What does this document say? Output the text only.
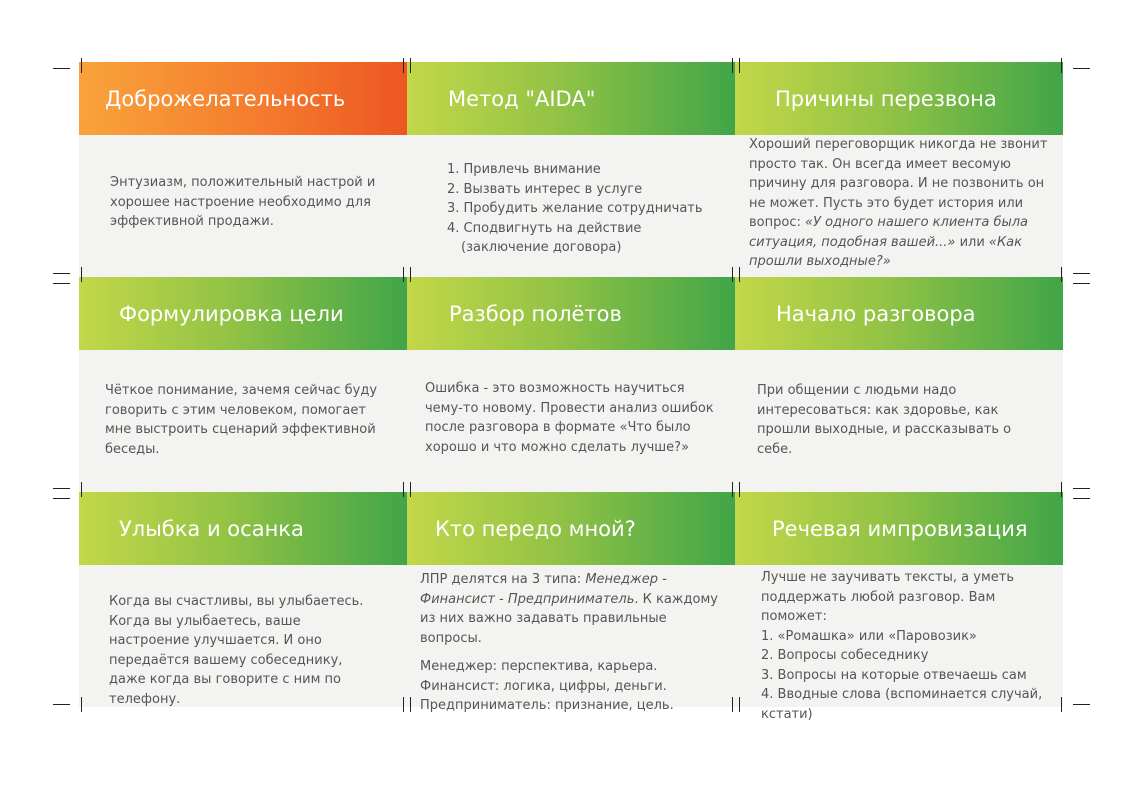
Доброжелательность

Энтузиазм, положительный настрой и хорошее настроение необходимо для эффективной продажи.

Метод "AIDA"

1. Привлечь внимание

2. Вызвать интерес в услуге

3. Пробудить желание сотрудничать

4. Сподвигнуть на действие

(заключение договора)

Причины перезвона

Хороший переговорщик никогда не звонит просто так. Он всегда имеет весомую причину для разговора. И не позвонить он не может. Пусть это будет история или вопрос: «У одного нашего клиента была ситуация, подобная вашей...» или «Как прошли выходные?»

Формулировка цели

Чёткое понимание, зачемя сейчас буду говорить с этим человеком, помогает мне выстроить сценарий эффективной беседы.

Разбор полётов

Ошибка - это возможность научиться чему-то новому. Провести анализ ошибок после разговора в формате «Что было хорошо и что можно сделать лучше?»

Начало разговора

При общении с людьми надо интересоваться: как здоровье, как прошли выходные, и рассказывать о себе.

Улыбка и осанка

Когда вы счастливы, вы улыбаетесь. Когда вы улыбаетесь, ваше настроение улучшается. И оно передаётся вашему собеседнику, даже когда вы говорите с ним по телефону.

Кто передо мной?

ЛПР делятся на 3 типа: Менеджер - Финансист - Предприниматель. К каждому из них важно задавать правильные вопросы.

Менеджер: перспектива, карьера.

Финансист: логика, цифры, деньги.

Предприниматель: признание, цель.

Речевая импровизация

Лучше не заучивать тексты, а уметь поддержать любой разговор. Вам поможет:

1. «Ромашка» или «Паровозик»

2. Вопросы собеседнику

3. Вопросы на которые отвечаешь сам

4. Вводные слова (вспоминается случай, кстати)
